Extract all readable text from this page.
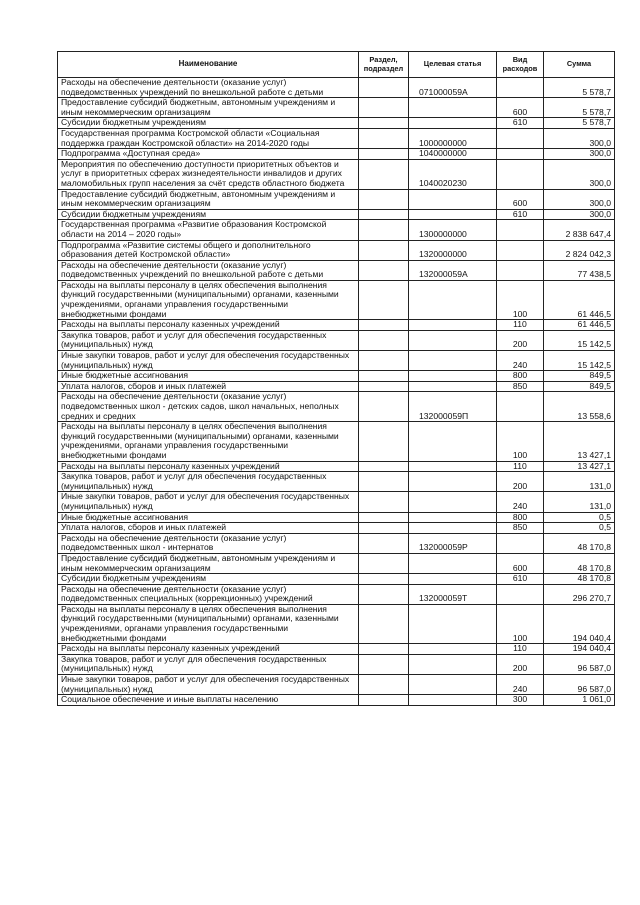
Наименование	Раздел, подраздел	Целевая статья	Вид расходов	Сумма
Расходы на обеспечение деятельности (оказание услуг) подведомственных учреждений по внешкольной работе с детьми		071000059А		5 578,7
Предоставление субсидий бюджетным, автономным учреждениям и иным некоммерческим организациям			600	5 578,7
Субсидии бюджетным учреждениям			610	5 578,7
Государственная программа Костромской области «Социальная поддержка граждан Костромской области» на 2014-2020 годы		1000000000		300,0
Подпрограмма «Доступная среда»		1040000000		300,0
Мероприятия по обеспечению доступности приоритетных объектов и услуг в приоритетных сферах жизнедеятельности инвалидов и других маломобильных групп населения за счёт средств областного бюджета		1040020230		300,0
Предоставление субсидий бюджетным, автономным учреждениям и иным некоммерческим организациям			600	300,0
Субсидии бюджетным учреждениям			610	300,0
Государственная программа «Развитие образования Костромской области на 2014 – 2020 годы»		1300000000		2 838 647,4
Подпрограмма «Развитие системы общего и дополнительного образования детей Костромской области»		1320000000		2 824 042,3
Расходы на обеспечение деятельности (оказание услуг) подведомственных учреждений по внешкольной работе с детьми		132000059А		77 438,5
Расходы на выплаты персоналу в целях обеспечения выполнения функций государственными (муниципальными) органами, казенными учреждениями, органами управления государственными внебюджетными фондами			100	61 446,5
Расходы на выплаты персоналу казенных учреждений			110	61 446,5
Закупка товаров, работ и услуг для обеспечения государственных (муниципальных) нужд			200	15 142,5
Иные закупки товаров, работ и услуг для обеспечения государственных (муниципальных) нужд			240	15 142,5
Иные бюджетные ассигнования			800	849,5
Уплата налогов, сборов и иных платежей			850	849,5
Расходы на обеспечение деятельности (оказание услуг) подведомственных школ - детских садов, школ начальных, неполных средних и средних		132000059П		13 558,6
Расходы на выплаты персоналу в целях обеспечения выполнения функций государственными (муниципальными) органами, казенными учреждениями, органами управления государственными внебюджетными фондами			100	13 427,1
Расходы на выплаты персоналу казенных учреждений			110	13 427,1
Закупка товаров, работ и услуг для обеспечения государственных (муниципальных) нужд			200	131,0
Иные закупки товаров, работ и услуг для обеспечения государственных (муниципальных) нужд			240	131,0
Иные бюджетные ассигнования			800	0,5
Уплата налогов, сборов и иных платежей			850	0,5
Расходы на обеспечение деятельности (оказание услуг) подведомственных школ - интернатов		132000059Р		48 170,8
Предоставление субсидий бюджетным, автономным учреждениям и иным некоммерческим организациям			600	48 170,8
Субсидии бюджетным учреждениям			610	48 170,8
Расходы на обеспечение деятельности (оказание услуг) подведомственных специальных (коррекционных) учреждений		132000059Т		296 270,7
Расходы на выплаты персоналу в целях обеспечения выполнения функций государственными (муниципальными) органами, казенными учреждениями, органами управления государственными внебюджетными фондами			100	194 040,4
Расходы на выплаты персоналу казенных учреждений			110	194 040,4
Закупка товаров, работ и услуг для обеспечения государственных (муниципальных) нужд			200	96 587,0
Иные закупки товаров, работ и услуг для обеспечения государственных (муниципальных) нужд			240	96 587,0
Социальное обеспечение и иные выплаты населению			300	1 061,0
